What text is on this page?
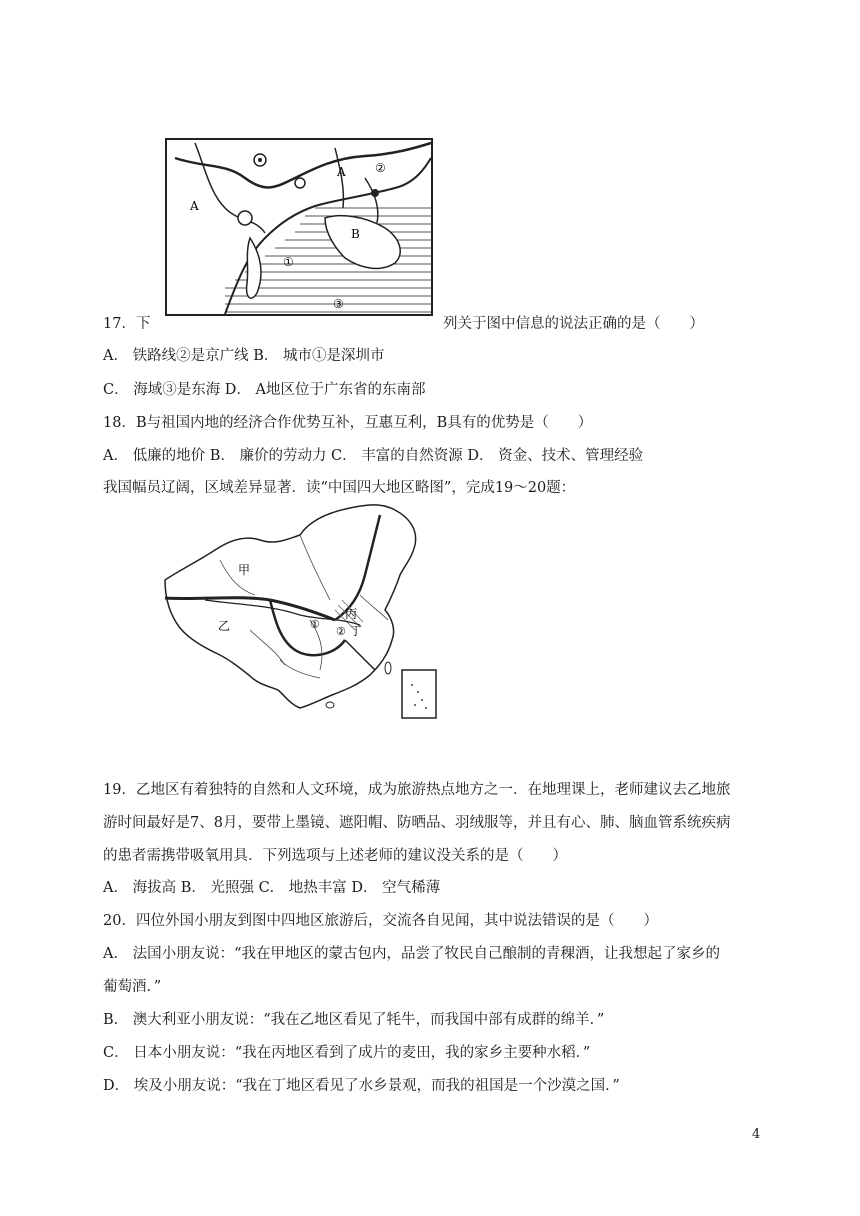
A
A
B
①
②
③
17．下	列关于图中信息的说法正确的是（　　）
A． 铁路线②是京广线 B． 城市①是深圳市
C． 海域③是东海 D． A地区位于广东省的东南部
18．B与祖国内地的经济合作优势互补，互惠互利，B具有的优势是（　　）
A． 低廉的地价 B． 廉价的劳动力 C． 丰富的自然资源 D． 资金、技术、管理经验
我国幅员辽阔，区域差异显著．读“中国四大地区略图”，完成19～20题：
甲
乙	①
②
丙
丁
19．乙地区有着独特的自然和人文环境，成为旅游热点地方之一．在地理课上，老师建议去乙地旅
游时间最好是7、8月，要带上墨镜、遮阳帽、防晒品、羽绒服等，并且有心、肺、脑血管系统疾病
的患者需携带吸氧用具．下列选项与上述老师的建议没关系的是（　　）
A． 海拔高 B． 光照强 C． 地热丰富 D． 空气稀薄
20．四位外国小朋友到图中四地区旅游后，交流各自见闻，其中说法错误的是（　　）
A． 法国小朋友说：“我在甲地区的蒙古包内，品尝了牧民自己酿制的青稞酒，让我想起了家乡的
葡萄酒．”
B． 澳大利亚小朋友说：“我在乙地区看见了牦牛，而我国中部有成群的绵羊．”
C． 日本小朋友说：“我在丙地区看到了成片的麦田，我的家乡主要种水稻．”
D． 埃及小朋友说：“我在丁地区看见了水乡景观，而我的祖国是一个沙漠之国．”
4
